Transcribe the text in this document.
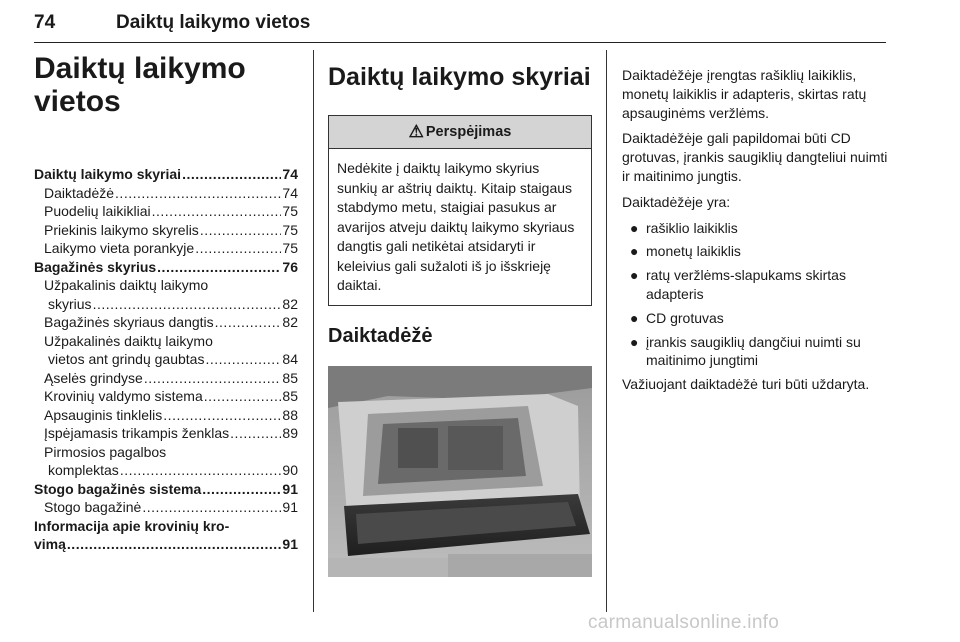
74	Daiktų laikymo vietos
Daiktų laikymo
vietos
Daiktų laikymo skyriai .....	74
Daiktadėžė .....	74
Puodelių laikikliai .....	75
Priekinis laikymo skyrelis .....	75
Laikymo vieta porankyje .....	75
Bagažinės skyrius .....	76
Užpakalinis daiktų laikymo
skyrius .....	82
Bagažinės skyriaus dangtis .....	82
Užpakalinės daiktų laikymo
vietos ant grindų gaubtas .....	84
Ąselės grindyse .....	85
Krovinių valdymo sistema .....	85
Apsauginis tinklelis .....	88
Įspėjamasis trikampis ženklas .....	89
Pirmosios pagalbos
komplektas .....	90
Stogo bagažinės sistema .....	91
Stogo bagažinė .....	91
Informacija apie krovinių kro-
vimą .....	91
Daiktų laikymo skyriai
⚠ Perspėjimas
Nedėkite į daiktų laikymo skyrius sunkių ar aštrių daiktų. Kitaip staigaus stabdymo metu, staigiai pasukus ar avarijos atveju daiktų laikymo skyriaus dangtis gali netikėtai atsidaryti ir keleivius gali sužaloti iš jo išskrieję daiktai.
Daiktadėžė

Daiktadėžėje įrengtas rašiklių laikiklis, monetų laikiklis ir adapteris, skirtas ratų apsauginėms veržlėms.

Daiktadėžėje gali papildomai būti CD grotuvas, įrankis saugiklių dangteliui nuimti ir maitinimo jungtis.

Daiktadėžėje yra:

● rašiklio laikiklis
● monetų laikiklis
● ratų veržlėms-slapukams skirtas adapteris
● CD grotuvas
● įrankis saugiklių dangčiui nuimti su maitinimo jungtimi

Važiuojant daiktadėžė turi būti uždaryta.

carmanualsonline.info
